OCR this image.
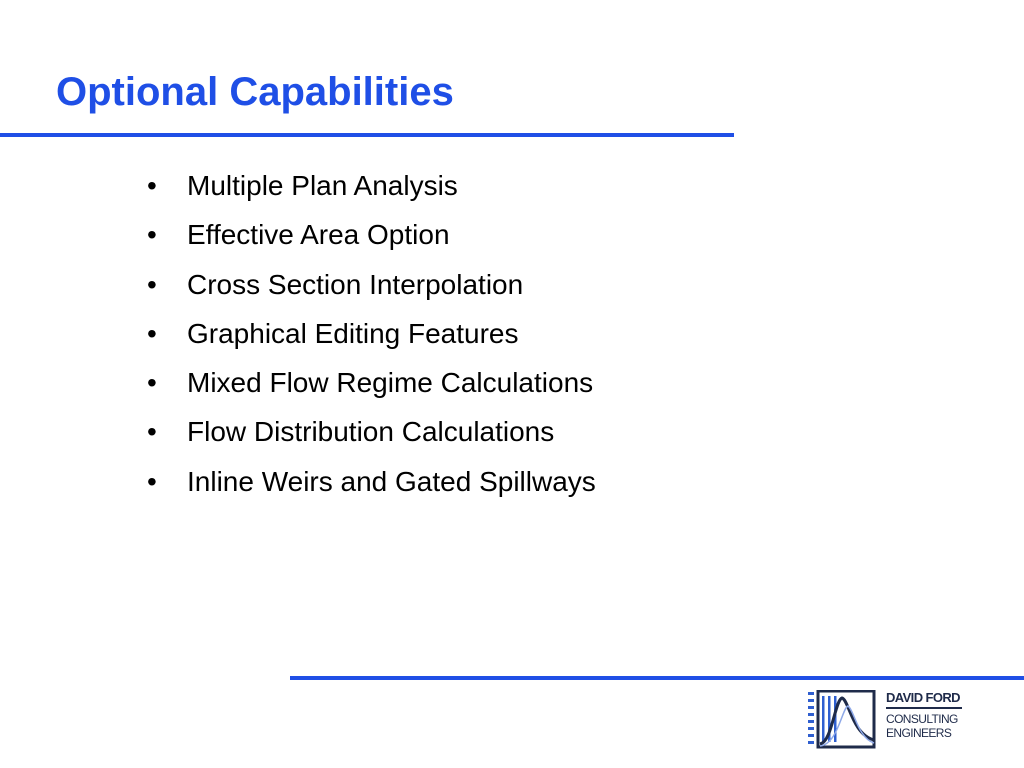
Optional Capabilities
• Multiple Plan Analysis
• Effective Area Option
• Cross Section Interpolation
• Graphical Editing Features
• Mixed Flow Regime Calculations
• Flow Distribution Calculations
• Inline Weirs and Gated Spillways
DAVID FORD
CONSULTING
ENGINEERS
